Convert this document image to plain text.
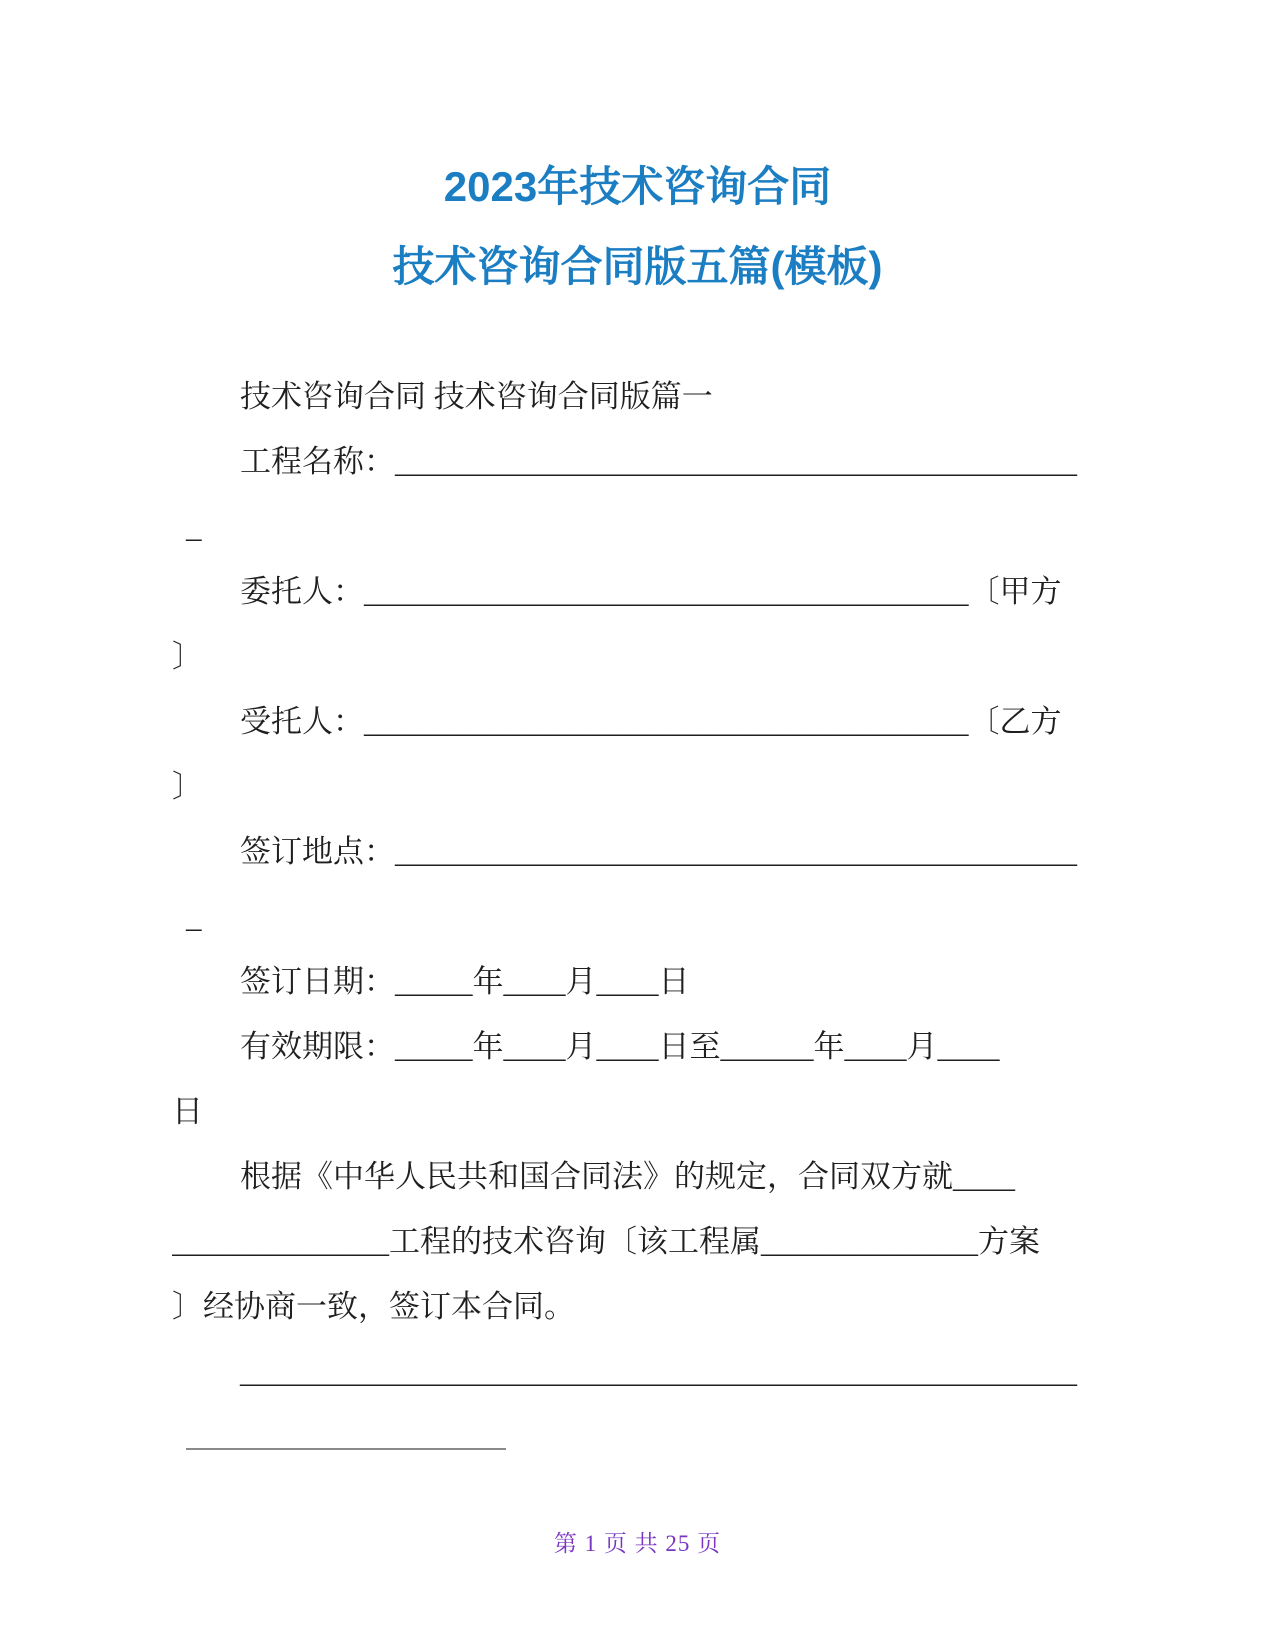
2023年技术咨询合同
技术咨询合同版五篇(模板)
技术咨询合同 技术咨询合同版篇一
工程名称：____________________________________________
_
委托人：_______________________________________〔甲方
〕
受托人：_______________________________________〔乙方
〕
签订地点：____________________________________________
_
签订日期：_____年____月____日
有效期限：_____年____月____日至______年____月____
日
根据《中华人民共和国合同法》的规定，合同双方就____
______________工程的技术咨询〔该工程属______________方案
〕经协商一致，签订本合同。
______________________________________________________
第 1 页 共 25 页
